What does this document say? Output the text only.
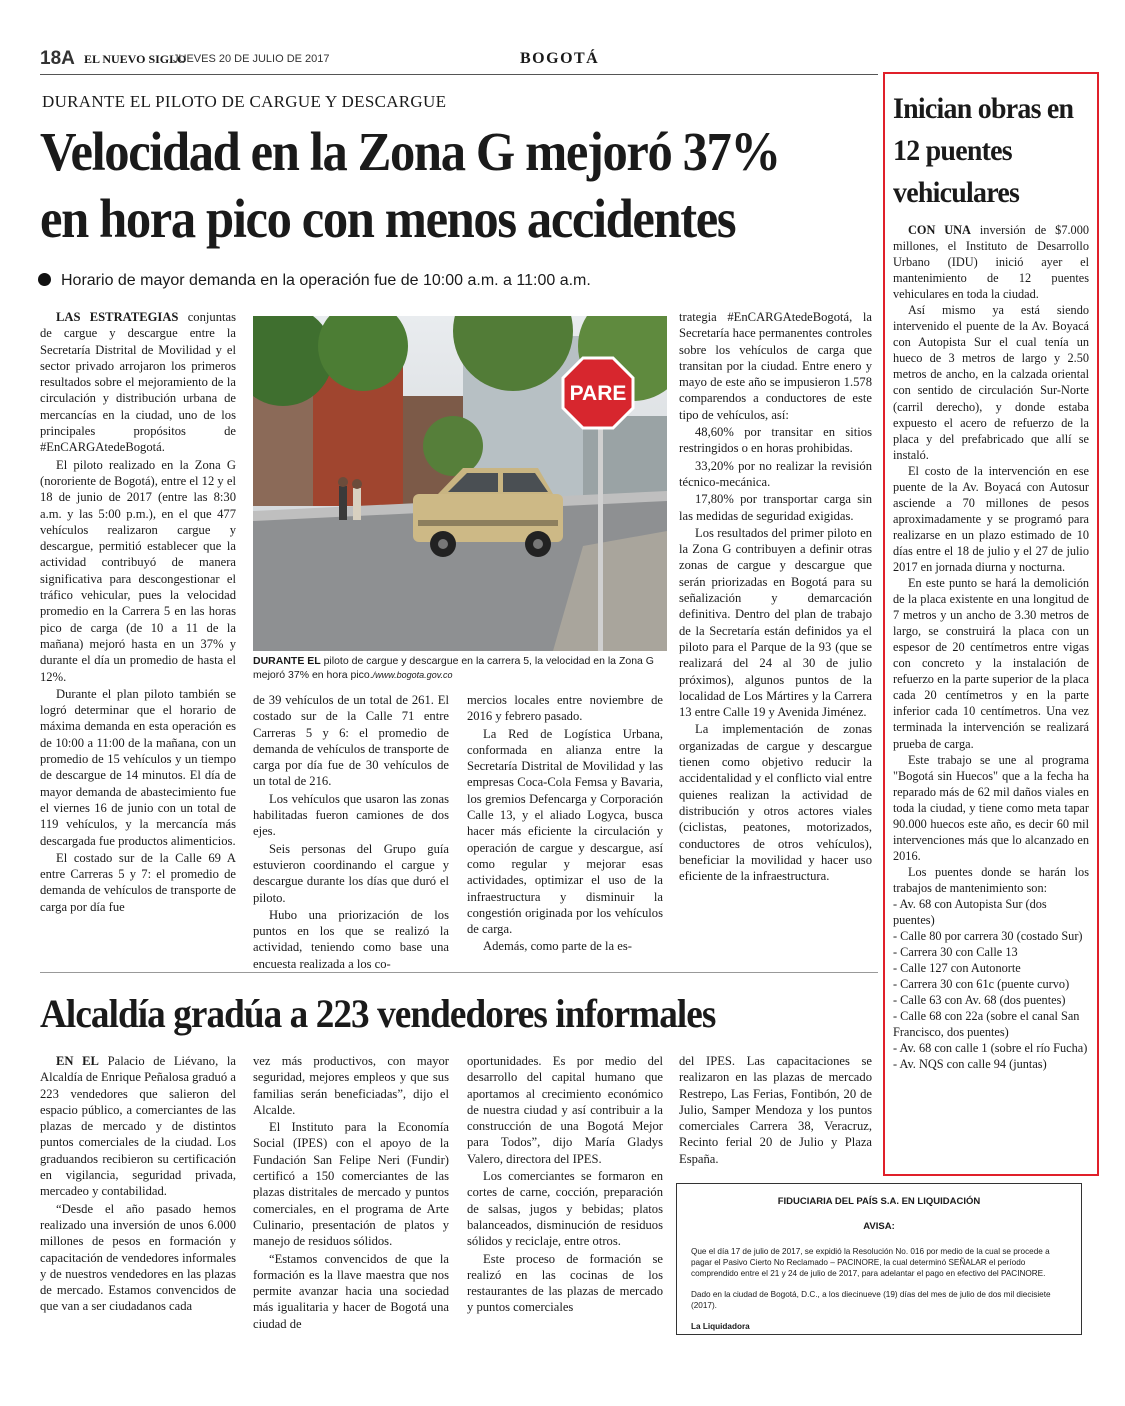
18A EL NUEVO SIGLO
JUEVES 20 DE JULIO DE 2017	BOGOTÁ
DURANTE EL PILOTO DE CARGUE Y DESCARGUE
Velocidad en la Zona G mejoró 37% en hora pico con menos accidentes
Horario de mayor demanda en la operación fue de 10:00 a.m. a 11:00 a.m.

LAS ESTRATEGIAS conjuntas de cargue y descargue entre la Secretaría Distrital de Movilidad y el sector privado arrojaron los primeros resultados sobre el mejoramiento de la circulación y distribución urbana de mercancías en la ciudad, uno de los principales propósitos de #EnCARGAtedeBogotá.

El piloto realizado en la Zona G (nororiente de Bogotá), entre el 12 y el 18 de junio de 2017 (entre las 8:30 a.m. y las 5:00 p.m.), en el que 477 vehículos realizaron cargue y descargue, permitió establecer que la actividad contribuyó de manera significativa para descongestionar el tráfico vehicular, pues la velocidad promedio en la Carrera 5 en las horas pico de carga (de 10 a 11 de la mañana) mejoró hasta en un 37% y durante el día un promedio de hasta el 12%.

Durante el plan piloto también se logró determinar que el horario de máxima demanda en esta operación es de 10:00 a 11:00 de la mañana, con un promedio de 15 vehículos y un tiempo de descargue de 14 minutos. El día de mayor demanda de abastecimiento fue el viernes 16 de junio con un total de 119 vehículos, y la mercancía más descargada fue productos alimenticios.

El costado sur de la Calle 69 A entre Carreras 5 y 7: el promedio de demanda de vehículos de transporte de carga por día fue

PARE
DURANTE EL piloto de cargue y descargue en la carrera 5, la velocidad en la Zona G mejoró 37% en hora pico./www.bogota.gov.co

de 39 vehículos de un total de 261. El costado sur de la Calle 71 entre Carreras 5 y 6: el promedio de demanda de vehículos de transporte de carga por día fue de 30 vehículos de un total de 216.

Los vehículos que usaron las zonas habilitadas fueron camiones de dos ejes.

Seis personas del Grupo guía estuvieron coordinando el cargue y descargue durante los días que duró el piloto.

Hubo una priorización de los puntos en los que se realizó la actividad, teniendo como base una encuesta realizada a los co-

mercios locales entre noviembre de 2016 y febrero pasado.

La Red de Logística Urbana, conformada en alianza entre la Secretaría Distrital de Movilidad y las empresas Coca-Cola Femsa y Bavaria, los gremios Defencarga y Corporación Calle 13, y el aliado Logyca, busca hacer más eficiente la circulación y operación de cargue y descargue, así como regular y mejorar esas actividades, optimizar el uso de la infraestructura y disminuir la congestión originada por los vehículos de carga.

Además, como parte de la es-

trategia #EnCARGAtedeBogotá, la Secretaría hace permanentes controles sobre los vehículos de carga que transitan por la ciudad. Entre enero y mayo de este año se impusieron 1.578 comparendos a conductores de este tipo de vehículos, así:

48,60% por transitar en sitios restringidos o en horas prohibidas.

33,20% por no realizar la revisión técnico-mecánica.

17,80% por transportar carga sin las medidas de seguridad exigidas.

Los resultados del primer piloto en la Zona G contribuyen a definir otras zonas de cargue y descargue que serán priorizadas en Bogotá para su señalización y demarcación definitiva. Dentro del plan de trabajo de la Secretaría están definidos ya el piloto para el Parque de la 93 (que se realizará del 24 al 30 de julio próximos), algunos puntos de la localidad de Los Mártires y la Carrera 13 entre Calle 19 y Avenida Jiménez.

La implementación de zonas organizadas de cargue y descargue tienen como objetivo reducir la accidentalidad y el conflicto vial entre quienes realizan la actividad de distribución y otros actores viales (ciclistas, peatones, motorizados, conductores de otros vehículos), beneficiar la movilidad y hacer uso eficiente de la infraestructura.

Alcaldía gradúa a 223 vendedores informales

EN EL Palacio de Liévano, la Alcaldía de Enrique Peñalosa graduó a 223 vendedores que salieron del espacio público, a comerciantes de las plazas de mercado y de distintos puntos comerciales de la ciudad. Los graduandos recibieron su certificación en vigilancia, seguridad privada, mercadeo y contabilidad.

“Desde el año pasado hemos realizado una inversión de unos 6.000 millones de pesos en formación y capacitación de vendedores informales y de nuestros vendedores en las plazas de mercado. Estamos convencidos de que van a ser ciudadanos cada

vez más productivos, con mayor seguridad, mejores empleos y que sus familias serán beneficiadas”, dijo el Alcalde.

El Instituto para la Economía Social (IPES) con el apoyo de la Fundación San Felipe Neri (Fundir) certificó a 150 comerciantes de las plazas distritales de mercado y puntos comerciales, en el programa de Arte Culinario, presentación de platos y manejo de residuos sólidos.

“Estamos convencidos de que la formación es la llave maestra que nos permite avanzar hacia una sociedad más igualitaria y hacer de Bogotá una ciudad de

oportunidades. Es por medio del desarrollo del capital humano que aportamos al crecimiento económico de nuestra ciudad y así contribuir a la construcción de una Bogotá Mejor para Todos”, dijo María Gladys Valero, directora del IPES.

Los comerciantes se formaron en cortes de carne, cocción, preparación de salsas, jugos y bebidas; platos balanceados, disminución de residuos sólidos y reciclaje, entre otros.

Este proceso de formación se realizó en las cocinas de los restaurantes de las plazas de mercado y puntos comerciales

del IPES. Las capacitaciones se realizaron en las plazas de mercado Restrepo, Las Ferias, Fontibón, 20 de Julio, Samper Mendoza y los puntos comerciales Carrera 38, Veracruz, Recinto ferial 20 de Julio y Plaza España.

Inician obras en 12 puentes vehiculares

CON UNA inversión de $7.000 millones, el Instituto de Desarrollo Urbano (IDU) inició ayer el mantenimiento de 12 puentes vehiculares en toda la ciudad.

Así mismo ya está siendo intervenido el puente de la Av. Boyacá con Autopista Sur el cual tenía un hueco de 3 metros de largo y 2.50 metros de ancho, en la calzada oriental con sentido de circulación Sur-Norte (carril derecho), y donde estaba expuesto el acero de refuerzo de la placa y del prefabricado que allí se instaló.

El costo de la intervención en ese puente de la Av. Boyacá con Autosur asciende a 70 millones de pesos aproximadamente y se programó para realizarse en un plazo estimado de 10 días entre el 18 de julio y el 27 de julio 2017 en jornada diurna y nocturna.

En este punto se hará la demolición de la placa existente en una longitud de 7 metros y un ancho de 3.30 metros de largo, se construirá la placa con un espesor de 20 centímetros entre vigas con concreto y la instalación de refuerzo en la parte superior de la placa cada 20 centímetros y en la parte inferior cada 10 centímetros. Una vez terminada la intervención se realizará prueba de carga.

Este trabajo se une al programa "Bogotá sin Huecos" que a la fecha ha reparado más de 62 mil daños viales en toda la ciudad, y tiene como meta tapar 90.000 huecos este año, es decir 60 mil intervenciones más que lo alcanzado en 2016.

Los puentes donde se harán los trabajos de mantenimiento son:

- Av. 68 con Autopista Sur (dos puentes)

- Calle 80 por carrera 30 (costado Sur)

- Carrera 30 con Calle 13

- Calle 127 con Autonorte

- Carrera 30 con 61c (puente curvo)

- Calle 63 con Av. 68 (dos puentes)

- Calle 68 con 22a (sobre el canal San Francisco, dos puentes)

- Av. 68 con calle 1 (sobre el río Fucha)

- Av. NQS con calle 94 (juntas)

FIDUCIARIA DEL PAÍS S.A. EN LIQUIDACIÓN
AVISA:

Que el día 17 de julio de 2017, se expidió la Resolución No. 016 por medio de la cual se procede a pagar el Pasivo Cierto No Reclamado – PACINORE, la cual determinó SEÑALAR el período comprendido entre el 21 y 24 de julio de 2017, para adelantar el pago en efectivo del PACINORE.

Dado en la ciudad de Bogotá, D.C., a los diecinueve (19) días del mes de julio de dos mil diecisiete (2017).

La Liquidadora
